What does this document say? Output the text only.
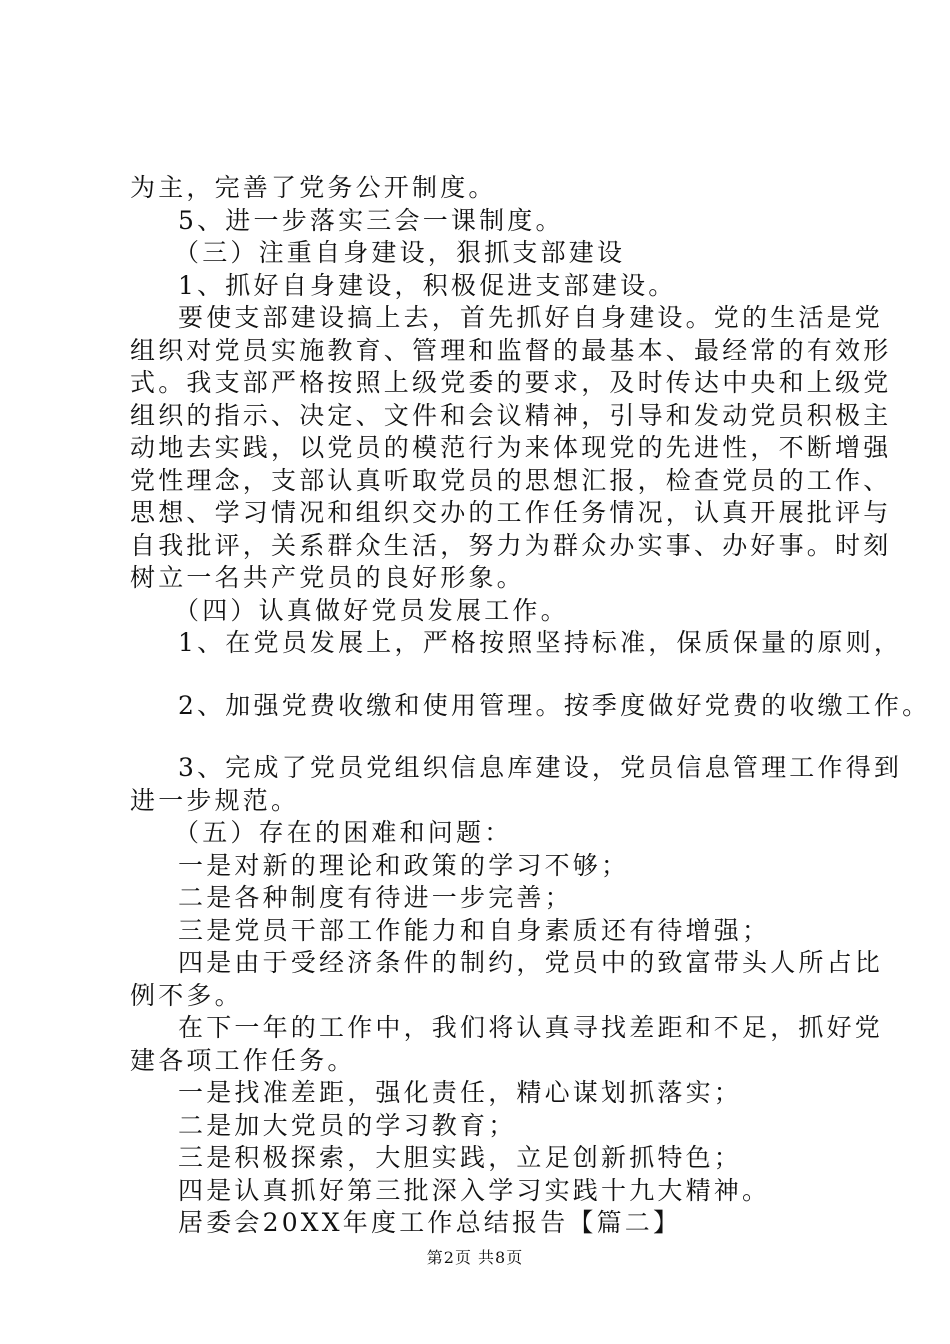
为主，完善了党务公开制度。
5、进一步落实三会一课制度。
（三）注重自身建设，狠抓支部建设
1、抓好自身建设，积极促进支部建设。
要使支部建设搞上去，首先抓好自身建设。党的生活是党
组织对党员实施教育、管理和监督的最基本、最经常的有效形
式。我支部严格按照上级党委的要求，及时传达中央和上级党
组织的指示、决定、文件和会议精神，引导和发动党员积极主
动地去实践，以党员的模范行为来体现党的先进性，不断增强
党性理念，支部认真听取党员的思想汇报，检查党员的工作、
思想、学习情况和组织交办的工作任务情况，认真开展批评与
自我批评，关系群众生活，努力为群众办实事、办好事。时刻
树立一名共产党员的良好形象。
（四）认真做好党员发展工作。
1、在党员发展上，严格按照坚持标准，保质保量的原则，
2、加强党费收缴和使用管理。按季度做好党费的收缴工作。
3、完成了党员党组织信息库建设，党员信息管理工作得到
进一步规范。
（五）存在的困难和问题：
一是对新的理论和政策的学习不够；
二是各种制度有待进一步完善；
三是党员干部工作能力和自身素质还有待增强；
四是由于受经济条件的制约，党员中的致富带头人所占比
例不多。
在下一年的工作中，我们将认真寻找差距和不足，抓好党
建各项工作任务。
一是找准差距，强化责任，精心谋划抓落实；
二是加大党员的学习教育；
三是积极探索，大胆实践，立足创新抓特色；
四是认真抓好第三批深入学习实践十九大精神。
居委会20XX年度工作总结报告【篇二】
第2页 共8页
